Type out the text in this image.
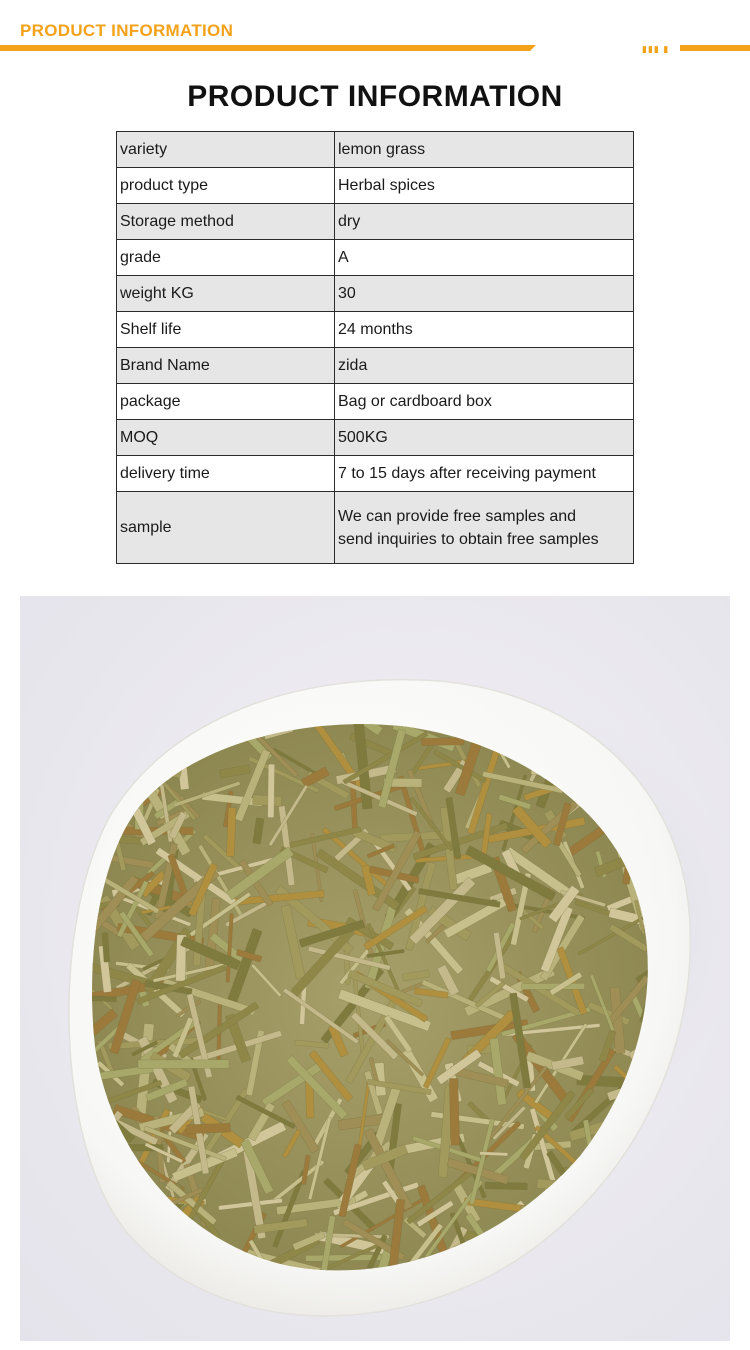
PRODUCT INFORMATION
▮▮▮ ▮
PRODUCT INFORMATION
variety	lemon grass
product type	Herbal spices
Storage method	dry
grade	A
weight KG	30
Shelf life	24 months
Brand Name	zida
package	Bag or cardboard box
MOQ	500KG
delivery time	7 to 15 days after receiving payment
sample	We can provide free samples and
send inquiries to obtain free samples
